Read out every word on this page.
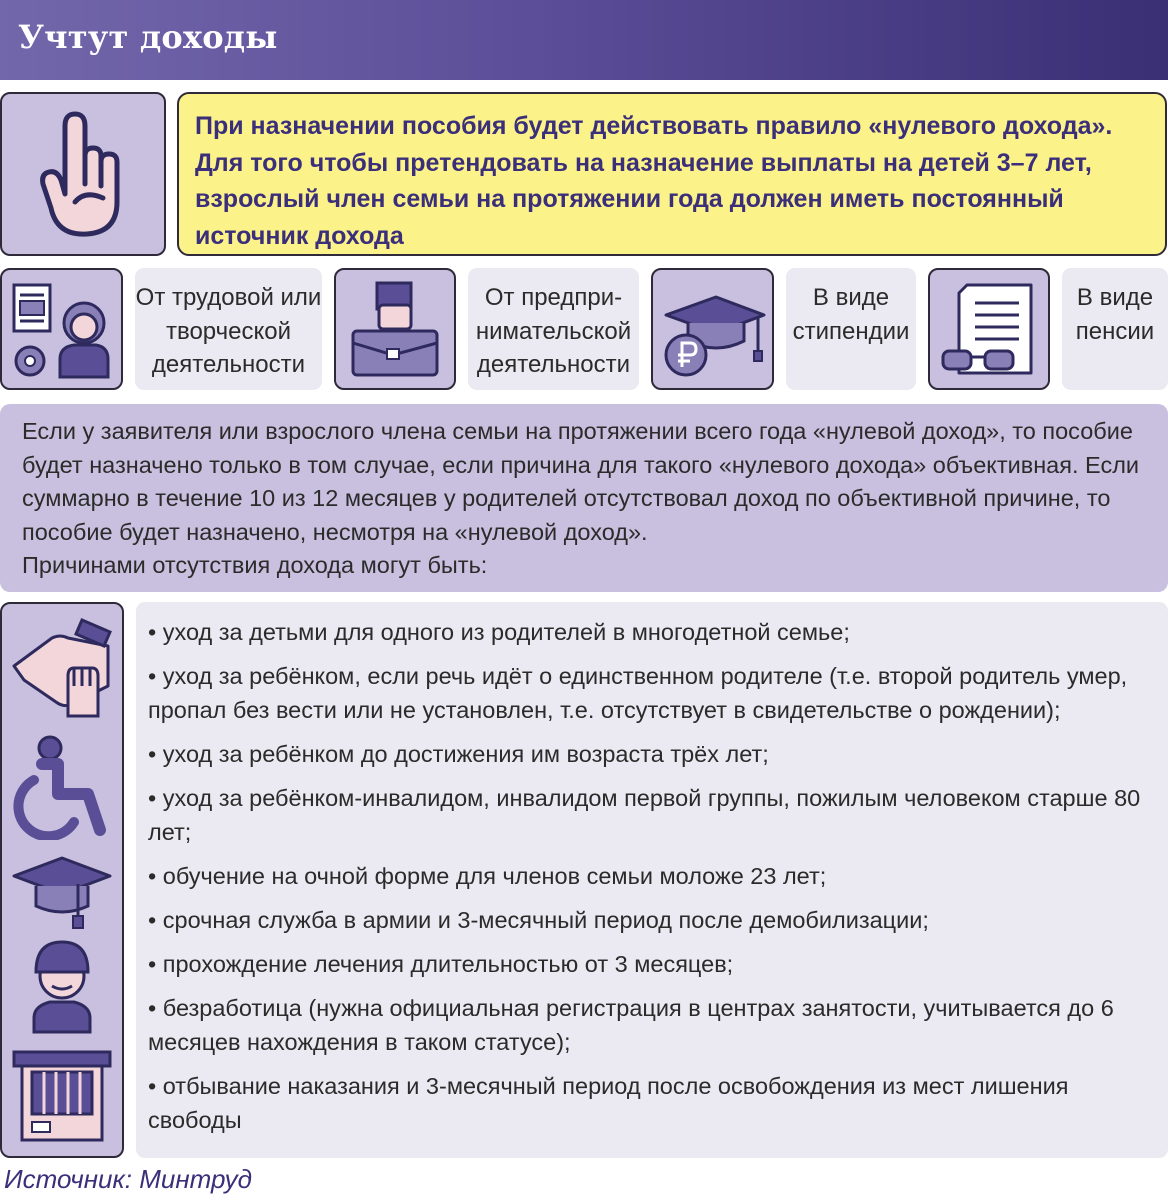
Учтут доходы

При назначении пособия будет действовать правило «нулевого дохода». Для того чтобы претендовать на назначение выплаты на детей 3–7 лет, взрослый член семьи на протяжении года должен иметь постоянный источник дохода

От трудовой или творческой деятельности
От предпри-нимательской деятельности
В виде стипендии
В виде пенсии

Если у заявителя или взрослого члена семьи на протяжении всего года «нулевой доход», то пособие будет назначено только в том случае, если причина для такого «нулевого дохода» объективная. Если суммарно в течение 10 из 12 месяцев у родителей отсутствовал доход по объективной причине, то пособие будет назначено, несмотря на «нулевой доход».

Причинами отсутствия дохода могут быть:

• уход за детьми для одного из родителей в многодетной семье;
• уход за ребёнком, если речь идёт о единственном родителе (т.е. второй родитель умер, пропал без вести или не установлен, т.е. отсутствует в свидетельстве о рождении);
• уход за ребёнком до достижения им возраста трёх лет;
• уход за ребёнком-инвалидом, инвалидом первой группы, пожилым человеком старше 80 лет;
• обучение на очной форме для членов семьи моложе 23 лет;
• срочная служба в армии и 3-месячный период после демобилизации;
• прохождение лечения длительностью от 3 месяцев;
• безработица (нужна официальная регистрация в центрах занятости, учитывается до 6 месяцев нахождения в таком статусе);
• отбывание наказания и 3-месячный период после освобождения из мест лишения свободы
Источник: Минтруд
